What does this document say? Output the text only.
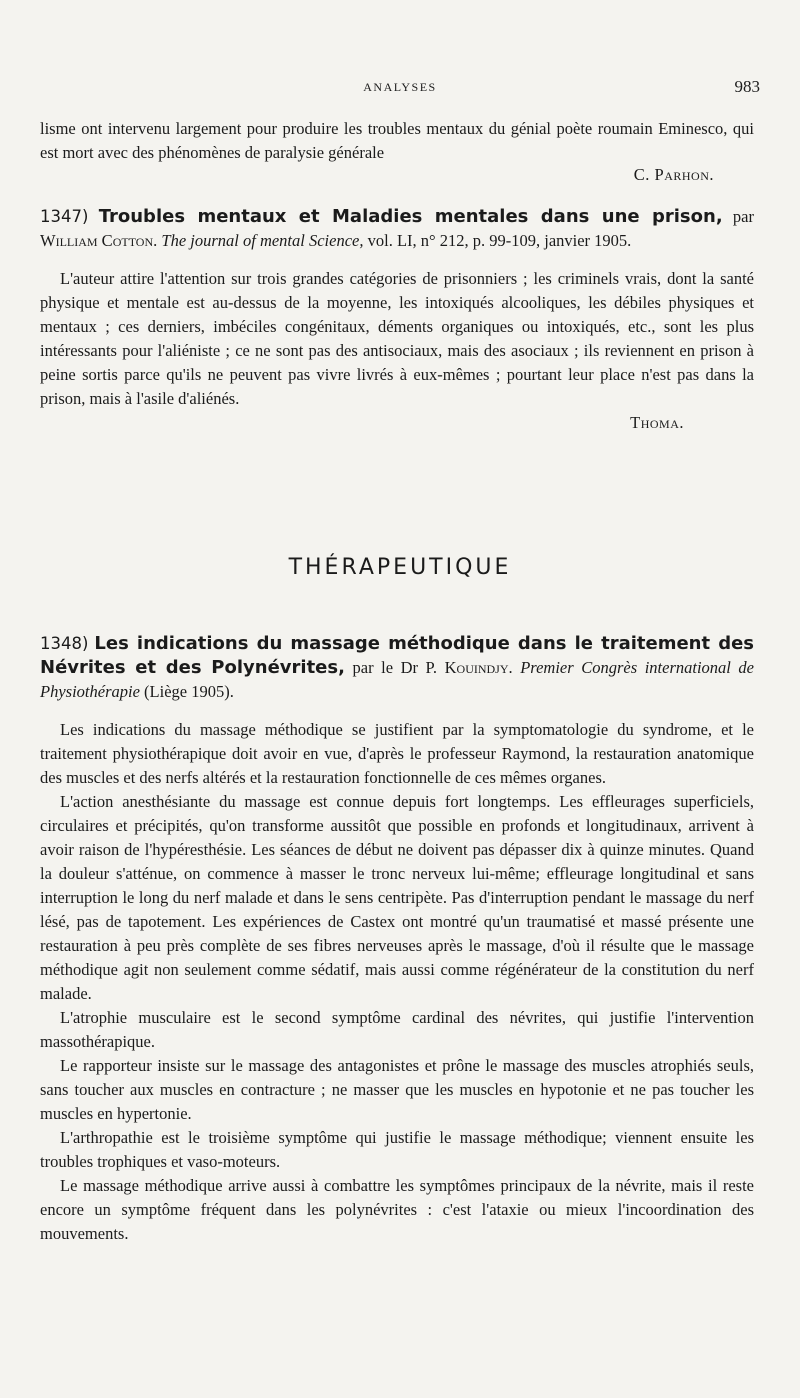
ANALYSES	983

lisme ont intervenu largement pour produire les troubles mentaux du génial poète roumain Eminesco, qui est mort avec des phénomènes de paralysie générale

C. Parhon.

1347) Troubles mentaux et Maladies mentales dans une prison, par William Cotton. The journal of mental Science, vol. LI, n° 212, p. 99-109, janvier 1905.

L'auteur attire l'attention sur trois grandes catégories de prisonniers ; les criminels vrais, dont la santé physique et mentale est au-dessus de la moyenne, les intoxiqués alcooliques, les débiles physiques et mentaux ; ces derniers, imbéciles congénitaux, déments organiques ou intoxiqués, etc., sont les plus intéressants pour l'aliéniste ; ce ne sont pas des antisociaux, mais des asociaux ; ils reviennent en prison à peine sortis parce qu'ils ne peuvent pas vivre livrés à eux-mêmes ; pourtant leur place n'est pas dans la prison, mais à l'asile d'aliénés.

Thoma.

THÉRAPEUTIQUE

1348) Les indications du massage méthodique dans le traitement des Névrites et des Polynévrites, par le Dr P. Kouindjy. Premier Congrès international de Physiothérapie (Liège 1905).

Les indications du massage méthodique se justifient par la symptomatologie du syndrome, et le traitement physiothérapique doit avoir en vue, d'après le professeur Raymond, la restauration anatomique des muscles et des nerfs altérés et la restauration fonctionnelle de ces mêmes organes.

L'action anesthésiante du massage est connue depuis fort longtemps. Les effleurages superficiels, circulaires et précipités, qu'on transforme aussitôt que possible en profonds et longitudinaux, arrivent à avoir raison de l'hypéresthésie. Les séances de début ne doivent pas dépasser dix à quinze minutes. Quand la douleur s'atténue, on commence à masser le tronc nerveux lui-même; effleurage longitudinal et sans interruption le long du nerf malade et dans le sens centripète. Pas d'interruption pendant le massage du nerf lésé, pas de tapotement. Les expériences de Castex ont montré qu'un traumatisé et massé présente une restauration à peu près complète de ses fibres nerveuses après le massage, d'où il résulte que le massage méthodique agit non seulement comme sédatif, mais aussi comme régénérateur de la constitution du nerf malade.

L'atrophie musculaire est le second symptôme cardinal des névrites, qui justifie l'intervention massothérapique.

Le rapporteur insiste sur le massage des antagonistes et prône le massage des muscles atrophiés seuls, sans toucher aux muscles en contracture ; ne masser que les muscles en hypotonie et ne pas toucher les muscles en hypertonie.

L'arthropathie est le troisième symptôme qui justifie le massage méthodique; viennent ensuite les troubles trophiques et vaso-moteurs.

Le massage méthodique arrive aussi à combattre les symptômes principaux de la névrite, mais il reste encore un symptôme fréquent dans les polynévrites : c'est l'ataxie ou mieux l'incoordination des mouvements.
